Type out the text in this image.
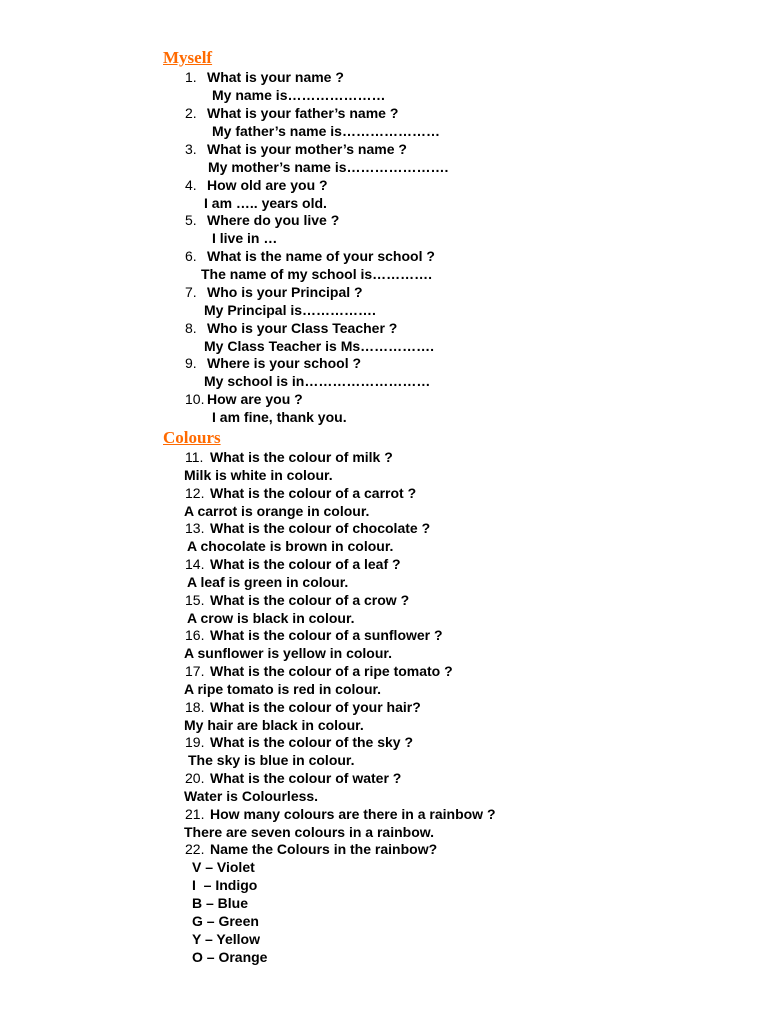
Myself
1. What is your name ?
My name is…………………
2. What is your father’s name ?
My father’s name is…………………
3. What is your mother’s name ?
My mother’s name is………………….
4. How old are you ?
I am ….. years old.
5. Where do you live ?
I live in …
6. What is the name of your school ?
The name of my school is………….
7. Who is your Principal ?
My Principal is…………….
8. Who is your Class Teacher ?
My Class Teacher is Ms…………….
9. Where is your school ?
My school is in………………………
10. How are you ?
I am fine, thank you.
Colours
11. What is the colour of milk ?
Milk is white in colour.
12. What is the colour of a carrot ?
A carrot is orange in colour.
13. What is the colour of chocolate ?
A chocolate is brown in colour.
14. What is the colour of a leaf ?
A leaf is green in colour.
15. What is the colour of a crow ?
A crow is black in colour.
16. What is the colour of a sunflower ?
A sunflower is yellow in colour.
17. What is the colour of a ripe tomato ?
A ripe tomato is red in colour.
18. What is the colour of your hair?
My hair are black in colour.
19. What is the colour of the sky ?
The sky is blue in colour.
20. What is the colour of water ?
Water is Colourless.
21. How many colours are there in a rainbow ?
There are seven colours in a rainbow.
22. Name the Colours in the rainbow?
V – Violet
I  – Indigo
B – Blue
G – Green
Y – Yellow
O – Orange
